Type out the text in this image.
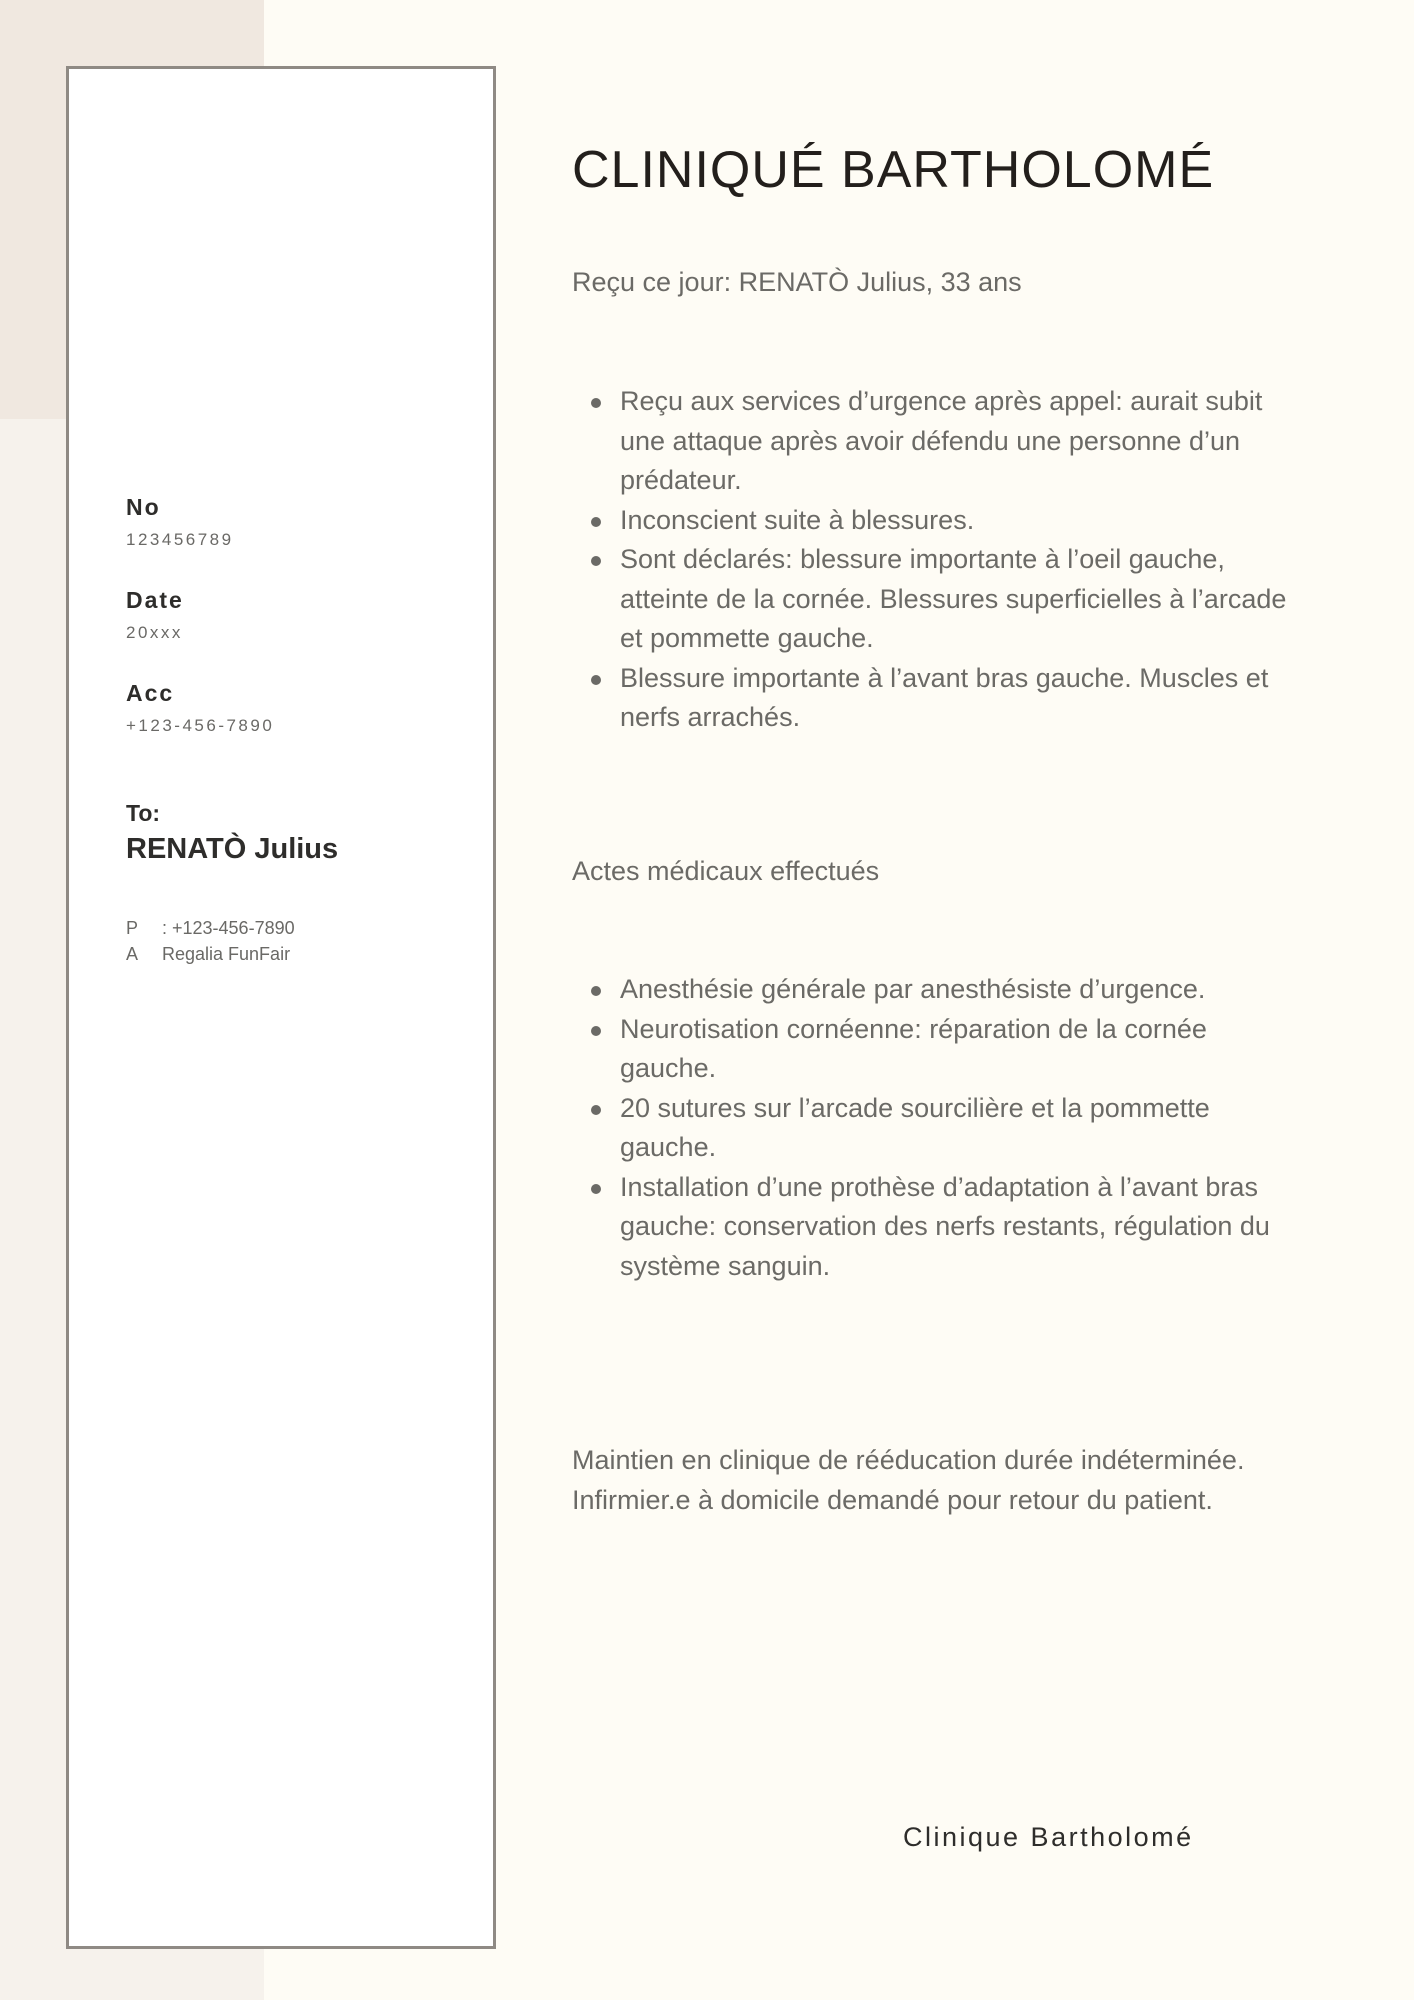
No
123456789
Date
20xxx
Acc
+123-456-7890
To:
RENATÒ Julius
P : +123-456-7890
A Regalia FunFair
CLINIQUÉ BARTHOLOMÉ
Reçu ce jour: RENATÒ Julius, 33 ans
Reçu aux services d’urgence après appel: aurait subit une attaque après avoir défendu une personne d’un prédateur.
Inconscient suite à blessures.
Sont déclarés: blessure importante à l’oeil gauche, atteinte de la cornée. Blessures superficielles à l’arcade et pommette gauche.
Blessure importante à l’avant bras gauche. Muscles et nerfs arrachés.
Actes médicaux effectués
Anesthésie générale par anesthésiste d’urgence.
Neurotisation cornéenne: réparation de la cornée gauche.
20 sutures sur l’arcade sourcilière et la pommette gauche.
Installation d’une prothèse d’adaptation à l’avant bras gauche: conservation des nerfs restants, régulation du système sanguin.
Maintien en clinique de rééducation durée indéterminée.
Infirmier.e à domicile demandé pour retour du patient.
Clinique Bartholomé
